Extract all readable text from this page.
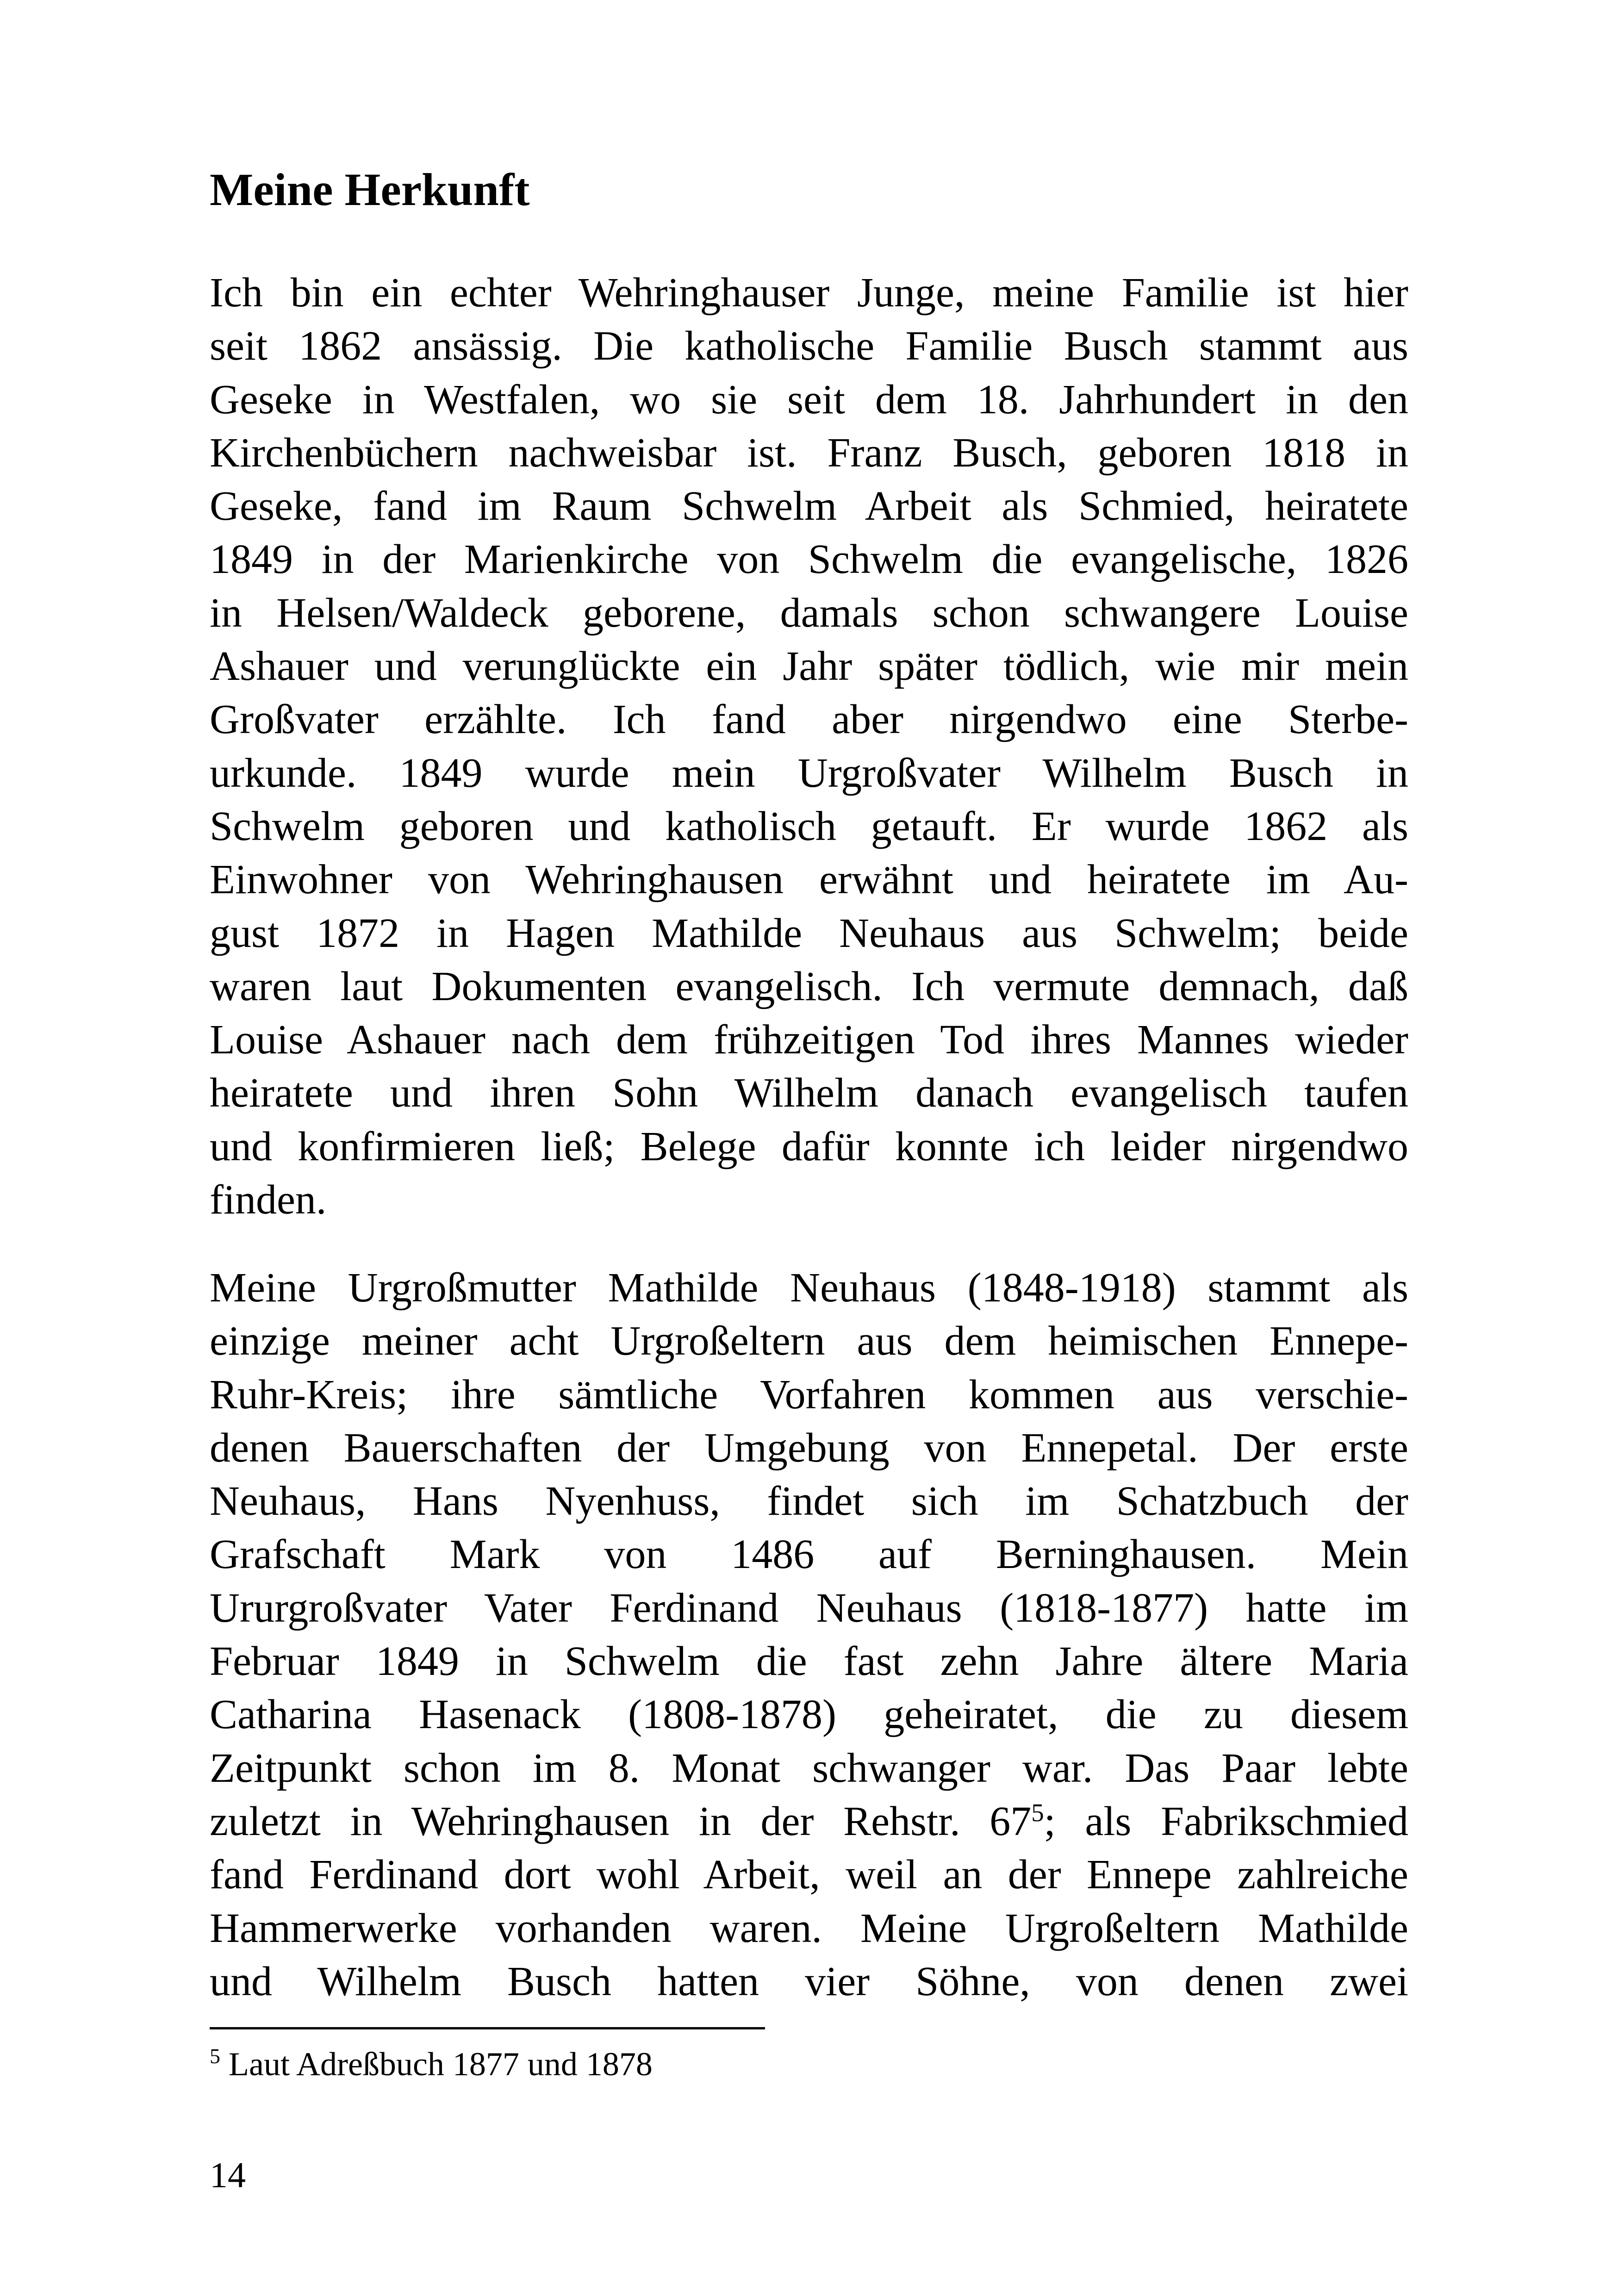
Meine Herkunft
Ich bin ein echter Wehringhauser Junge, meine Familie ist hier
seit 1862 ansässig. Die katholische Familie Busch stammt aus
Geseke in Westfalen, wo sie seit dem 18. Jahrhundert in den
Kirchenbüchern nachweisbar ist. Franz Busch, geboren 1818 in
Geseke, fand im Raum Schwelm Arbeit als Schmied, heiratete
1849 in der Marienkirche von Schwelm die evangelische, 1826
in Helsen/Waldeck geborene, damals schon schwangere Louise
Ashauer und verunglückte ein Jahr später tödlich, wie mir mein
Großvater erzählte. Ich fand aber nirgendwo eine Sterbe-
urkunde. 1849 wurde mein Urgroßvater Wilhelm Busch in
Schwelm geboren und katholisch getauft. Er wurde 1862 als
Einwohner von Wehringhausen erwähnt und heiratete im Au-
gust 1872 in Hagen Mathilde Neuhaus aus Schwelm; beide
waren laut Dokumenten evangelisch. Ich vermute demnach, daß
Louise Ashauer nach dem frühzeitigen Tod ihres Mannes wieder
heiratete und ihren Sohn Wilhelm danach evangelisch taufen
und konfirmieren ließ; Belege dafür konnte ich leider nirgendwo
finden.
Meine Urgroßmutter Mathilde Neuhaus (1848-1918) stammt als
einzige meiner acht Urgroßeltern aus dem heimischen Ennepe-
Ruhr-Kreis; ihre sämtliche Vorfahren kommen aus verschie-
denen Bauerschaften der Umgebung von Ennepetal. Der erste
Neuhaus, Hans Nyenhuss, findet sich im Schatzbuch der
Grafschaft Mark von 1486 auf Berninghausen. Mein
Ururgroßvater Vater Ferdinand Neuhaus (1818-1877) hatte im
Februar 1849 in Schwelm die fast zehn Jahre ältere Maria
Catharina Hasenack (1808-1878) geheiratet, die zu diesem
Zeitpunkt schon im 8. Monat schwanger war. Das Paar lebte
zuletzt in Wehringhausen in der Rehstr. 67$^5$; als Fabrikschmied
fand Ferdinand dort wohl Arbeit, weil an der Ennepe zahlreiche
Hammerwerke vorhanden waren. Meine Urgroßeltern Mathilde
und Wilhelm Busch hatten vier Söhne, von denen zwei
$^5$ Laut Adreßbuch 1877 und 1878
14
